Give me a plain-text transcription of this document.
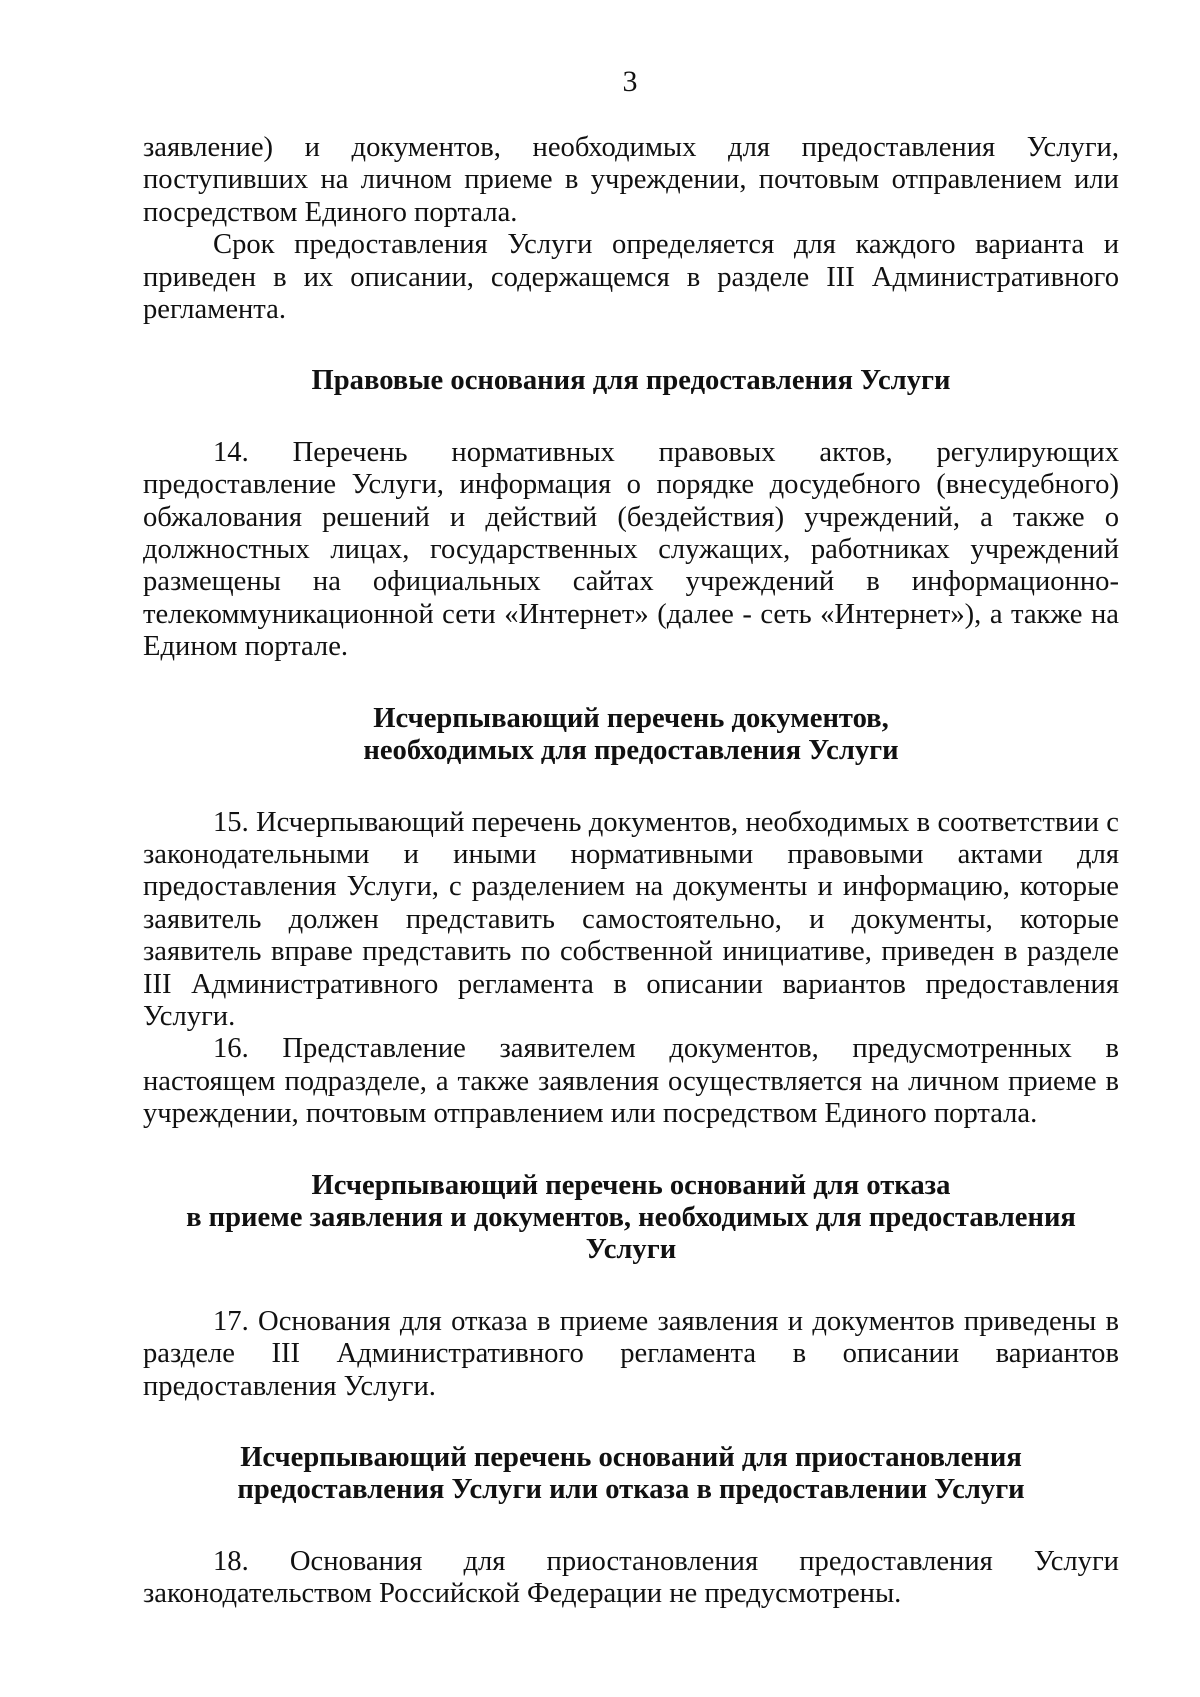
3

заявление) и документов, необходимых для предоставления Услуги, поступивших на личном приеме в учреждении, почтовым отправлением или посредством Единого портала.

Срок предоставления Услуги определяется для каждого варианта и приведен в их описании, содержащемся в разделе III Административного регламента.

Правовые основания для предоставления Услуги

14. Перечень нормативных правовых актов, регулирующих предоставление Услуги, информация о порядке досудебного (внесудебного) обжалования решений и действий (бездействия) учреждений, а также о должностных лицах, государственных служащих, работниках учреждений размещены на официальных сайтах учреждений в информационно-телекоммуникационной сети «Интернет» (далее - сеть «Интернет»), а также на Едином портале.

Исчерпывающий перечень документов,
необходимых для предоставления Услуги

15. Исчерпывающий перечень документов, необходимых в соответствии с законодательными и иными нормативными правовыми актами для предоставления Услуги, с разделением на документы и информацию, которые заявитель должен представить самостоятельно, и документы, которые заявитель вправе представить по собственной инициативе, приведен в разделе III Административного регламента в описании вариантов предоставления Услуги.

16. Представление заявителем документов, предусмотренных в настоящем подразделе, а также заявления осуществляется на личном приеме в учреждении, почтовым отправлением или посредством Единого портала.

Исчерпывающий перечень оснований для отказа
в приеме заявления и документов, необходимых для предоставления
Услуги

17. Основания для отказа в приеме заявления и документов приведены в разделе III Административного регламента в описании вариантов предоставления Услуги.

Исчерпывающий перечень оснований для приостановления
предоставления Услуги или отказа в предоставлении Услуги

18. Основания для приостановления предоставления Услуги законодательством Российской Федерации не предусмотрены.
